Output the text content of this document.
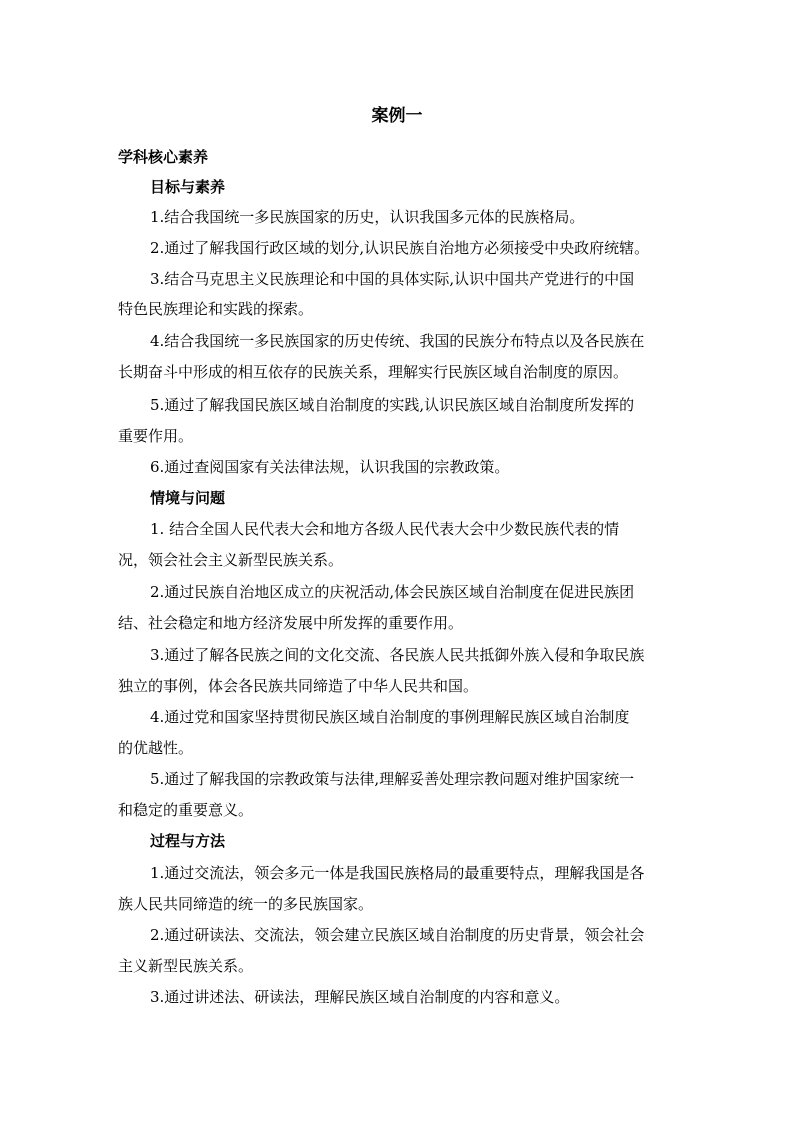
案例一
学科核心素养
目标与素养
1.结合我国统一多民族国家的历史，认识我国多元体的民族格局。
2.通过了解我国行政区域的划分,认识民族自治地方必须接受中央政府统辖。
3.结合马克思主义民族理论和中国的具体实际,认识中国共产党进行的中国
特色民族理论和实践的探索。
4.结合我国统一多民族国家的历史传统、我国的民族分布特点以及各民族在
长期奋斗中形成的相互依存的民族关系，理解实行民族区域自治制度的原因。
5.通过了解我国民族区域自治制度的实践,认识民族区域自治制度所发挥的
重要作用。
6.通过查阅国家有关法律法规，认识我国的宗教政策。
情境与问题
1. 结合全国人民代表大会和地方各级人民代表大会中少数民族代表的情
况，领会社会主义新型民族关系。
2.通过民族自治地区成立的庆祝活动,体会民族区域自治制度在促进民族团
结、社会稳定和地方经济发展中所发挥的重要作用。
3.通过了解各民族之间的文化交流、各民族人民共抵御外族入侵和争取民族
独立的事例，体会各民族共同缔造了中华人民共和国。
4.通过党和国家坚持贯彻民族区域自治制度的事例理解民族区域自治制度
的优越性。
5.通过了解我国的宗教政策与法律,理解妥善处理宗教问题对维护国家统一
和稳定的重要意义。
过程与方法
1.通过交流法，领会多元一体是我国民族格局的最重要特点，理解我国是各
族人民共同缔造的统一的多民族国家。
2.通过研读法、交流法，领会建立民族区域自治制度的历史背景，领会社会
主义新型民族关系。
3.通过讲述法、研读法，理解民族区域自治制度的内容和意义。
